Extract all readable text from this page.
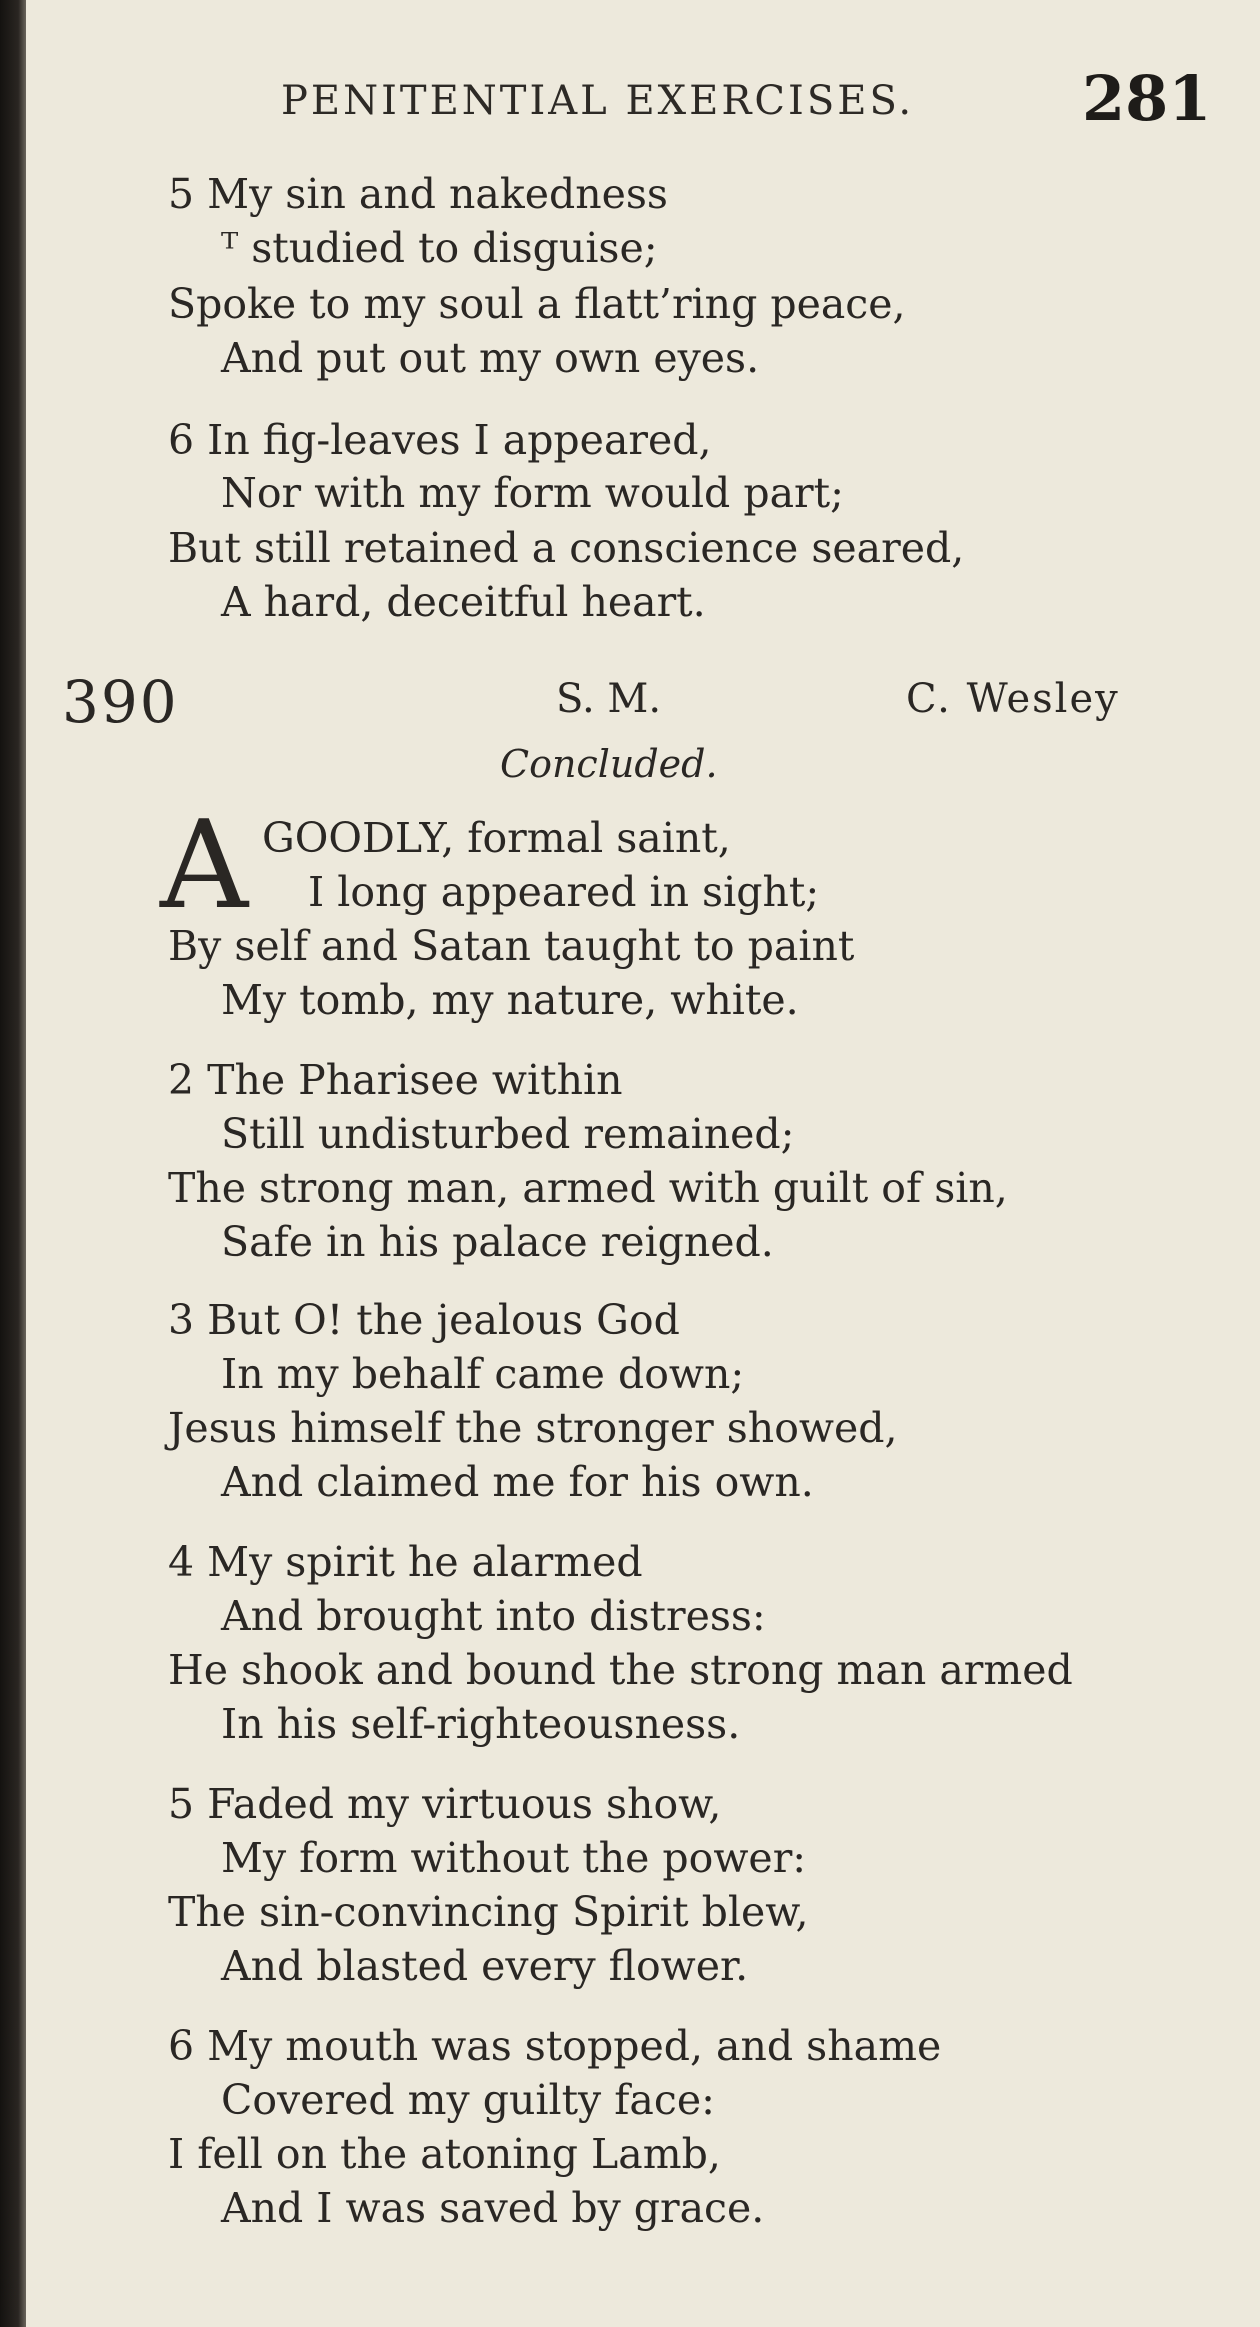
PENITENTIAL EXERCISES.	281
5 My sin and nakedness
ᵀ studied to disguise;
Spoke to my soul a flatt’ring peace,
And put out my own eyes.
6 In fig-leaves I appeared,
Nor with my form would part;
But still retained a conscience seared,
A hard, deceitful heart.
390	S. M.	C. Wesley
Concluded.
A GOODLY, formal saint,
I long appeared in sight;
By self and Satan taught to paint
My tomb, my nature, white.
2 The Pharisee within
Still undisturbed remained;
The strong man, armed with guilt of sin,
Safe in his palace reigned.
3 But O! the jealous God
In my behalf came down;
Jesus himself the stronger showed,
And claimed me for his own.
4 My spirit he alarmed
And brought into distress:
He shook and bound the strong man armed
In his self-righteousness.
5 Faded my virtuous show,
My form without the power:
The sin-convincing Spirit blew,
And blasted every flower.
6 My mouth was stopped, and shame
Covered my guilty face:
I fell on the atoning Lamb,
And I was saved by grace.
